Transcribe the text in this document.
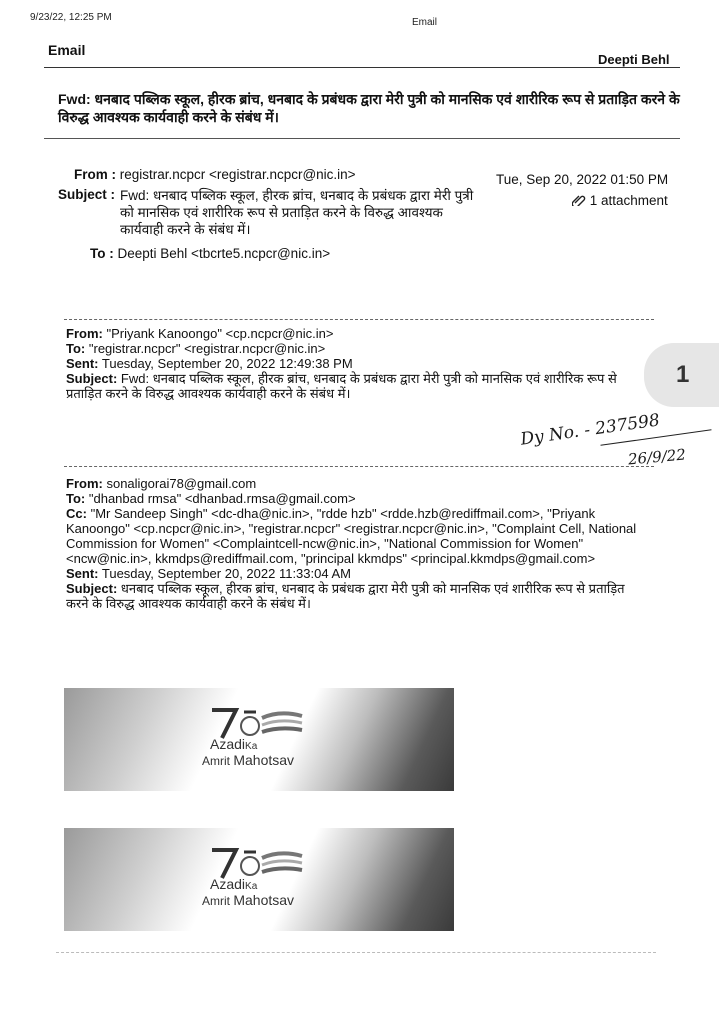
9/23/22, 12:25 PM	Email
Email
Deepti Behl
Fwd: धनबाद पब्लिक स्कूल, हीरक ब्रांच, धनबाद के प्रबंधक द्वारा मेरी पुत्री को मानसिक एवं शारीरिक रूप से प्रताड़ित करने के विरुद्ध आवश्यक कार्यवाही करने के संबंध में।
From : registrar.ncpcr <registrar.ncpcr@nic.in>	Tue, Sep 20, 2022 01:50 PM
Subject : Fwd: धनबाद पब्लिक स्कूल, हीरक ब्रांच, धनबाद के प्रबंधक द्वारा मेरी पुत्री को मानसिक एवं शारीरिक रूप से प्रताड़ित करने के विरुद्ध आवश्यक कार्यवाही करने के संबंध में।
1 attachment
To : Deepti Behl <tbcrte5.ncpcr@nic.in>
From: "Priyank Kanoongo" <cp.ncpcr@nic.in>
To: "registrar.ncpcr" <registrar.ncpcr@nic.in>
Sent: Tuesday, September 20, 2022 12:49:38 PM
Subject: Fwd: धनबाद पब्लिक स्कूल, हीरक ब्रांच, धनबाद के प्रबंधक द्वारा मेरी पुत्री को मानसिक एवं शारीरिक रूप से प्रताड़ित करने के विरुद्ध आवश्यक कार्यवाही करने के संबंध में।
1
Dy No. - 237598
26/9/22
From: sonaligorai78@gmail.com
To: "dhanbad rmsa" <dhanbad.rmsa@gmail.com>
Cc: "Mr Sandeep Singh" <dc-dha@nic.in>, "rdde hzb" <rdde.hzb@rediffmail.com>, "Priyank Kanoongo" <cp.ncpcr@nic.in>, "registrar.ncpcr" <registrar.ncpcr@nic.in>, "Complaint Cell, National Commission for Women" <Complaintcell-ncw@nic.in>, "National Commission for Women" <ncw@nic.in>, kkmdps@rediffmail.com, "principal kkmdps" <principal.kkmdps@gmail.com>
Sent: Tuesday, September 20, 2022 11:33:04 AM
Subject: धनबाद पब्लिक स्कूल, हीरक ब्रांच, धनबाद के प्रबंधक द्वारा मेरी पुत्री को मानसिक एवं शारीरिक रूप से प्रताड़ित करने के विरुद्ध आवश्यक कार्यवाही करने के संबंध में।
AzadiKa
Amrit Mahotsav
AzadiKa
Amrit Mahotsav
